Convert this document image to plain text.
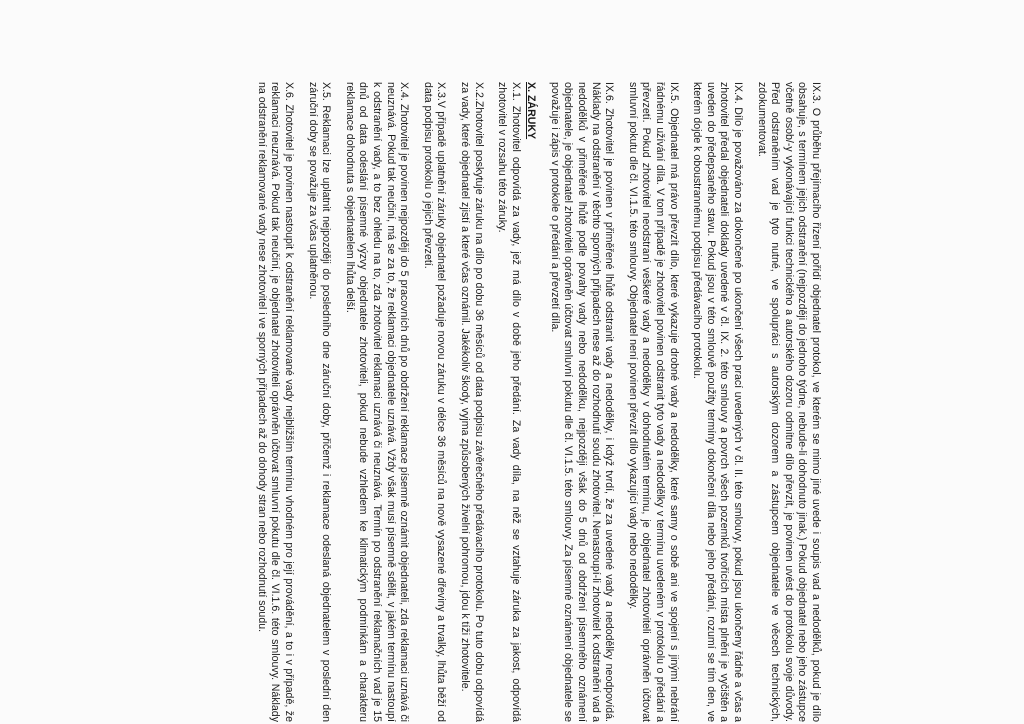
IX.3. O průběhu přejímacího řízení pořídí objednatel protokol, ve kterém se mimo jiné uvede i soupis vad a nedodělků, pokud je dílo obsahuje, s termínem jejich odstranění (nejpozději do jednoho týdne, nebude-li dohodnuto jinak.) Pokud objednatel nebo jeho zástupce včetně osob/-y vykonávající funkci technického a autorského dozoru odmítne dílo převzít, je povinen uvést do protokolu svoje důvody. Před odstraněním vad je tyto nutné, ve spolupráci s autorským dozorem a zástupcem objednatele ve věcech technických, zdokumentovat.

IX.4. Dílo je považováno za dokončené po ukončení všech prací uvedených v čl. II. této smlouvy, pokud jsou ukončeny řádně a včas a zhotovitel předal objednateli doklady uvedené v čl. IX. 2. této smlouvy a povrch všech pozemků tvořících místa plnění je vyčištěn a uveden do předepsaného stavu. Pokud jsou v této smlouvě použity termíny dokončení díla nebo jeho předání, rozumí se tím den, ve kterém dojde k oboustrannému podpisu předávacího protokolu.

IX.5. Objednatel má právo převzít dílo, které vykazuje drobné vady a nedodělky, které samy o sobě ani ve spojení s jinými nebrání řádnému užívání díla. V tom případě je zhotovitel povinen odstranit tyto vady a nedodělky v termínu uvedeném v protokolu o předání a převzetí. Pokud zhotovitel neodstraní veškeré vady a nedodělky v dohodnutém termínu, je objednatel zhotoviteli oprávněn účtovat smluvní pokutu dle čl. VI.1.5. této smlouvy. Objednatel není povinen převzít dílo vykazující vady nebo nedodělky.

IX.6. Zhotovitel je povinen v přiměřené lhůtě odstranit vady a nedodělky, i když tvrdí, že za uvedené vady a nedodělky neodpovídá. Náklady na odstranění v těchto sporných případech nese až do rozhodnutí soudu zhotovitel. Nenastoupí-li zhotovitel k odstranění vad a nedodělků v přiměřené lhůtě podle povahy vady nebo nedodělku, nejpozději však do 5 dnů od obdržení písemného oznámení objednatele, je objednatel zhotoviteli oprávněn účtovat smluvní pokutu dle čl. VI.1.5. této smlouvy. Za písemné oznámení objednatele se považuje i zápis v protokole o předání a převzetí díla.

X. ZÁRUKY

X.1. Zhotovitel odpovídá za vady, jež má dílo v době jeho předání. Za vady díla, na něž se vztahuje záruka za jakost, odpovídá zhotovitel v rozsahu této záruky.

X.2.Zhotovitel poskytuje záruku na dílo po dobu 36 měsíců od data podpisu závěrečného předávacího protokolu. Po tuto dobu odpovídá za vady, které objednatel zjistí a které včas oznámil. Jakékoliv škody, vyjma způsobených živelní pohromou, jdou k tíži zhotovitele.

X.3.V případě uplatnění záruky objednatel požaduje novou záruku v délce 36 měsíců na nově vysazené dřeviny a trvalky, lhůta běží od data podpisu protokolu o jejich převzetí.

X.4. Zhotovitel je povinen nejpozději do 5 pracovních dnů po obdržení reklamace písemně oznámit objednateli, zda reklamaci uznává či neuznává. Pokud tak neučiní, má se za to, že reklamaci objednatele uznává. Vždy však musí písemně sdělit, v jakém termínu nastoupí k odstranění vady, a to bez ohledu na to, zda zhotovitel reklamaci uznává či neuznává. Termín po odstranění reklamačních vad je 15 dnů od data odeslání písemné výzvy objednatele zhotoviteli, pokud nebude vzhledem ke klimatickým podmínkám a charakteru reklamace dohodnuta s objednatelem lhůta delší.

X.5. Reklamaci lze uplatnit nejpozději do posledního dne záruční doby, přičemž i reklamace odeslaná objednatelem v poslední den záruční doby se považuje za včas uplatněnou.

X.6. Zhotovitel je povinen nastoupit k odstranění reklamované vady nejbližším termínu vhodném pro její provádění, a to i v případě, že reklamaci neuznává. Pokud tak neučiní, je objednatel zhotoviteli oprávněn účtovat smluvní pokutu dle čl. VI.1.6. této smlouvy. Náklady na odstranění reklamované vady nese zhotovitel i ve sporných případech až do dohody stran nebo rozhodnutí soudu.
